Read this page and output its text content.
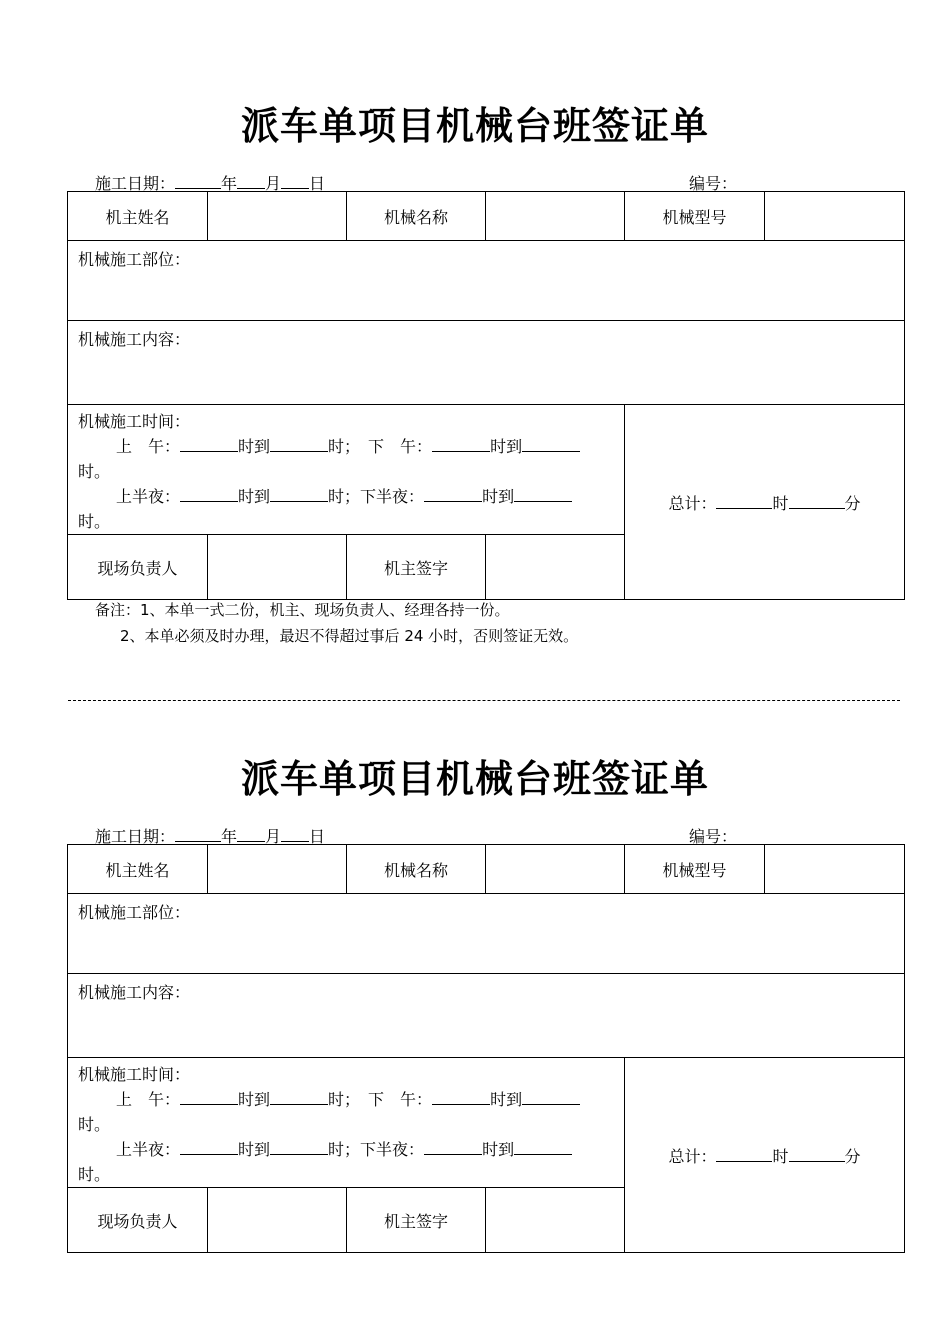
派车单项目机械台班签证单
施工日期：	年 月 日	编号：
机主姓名		机械名称		机械型号	
机械施工部位：					
机械施工内容：					

机械施工时间：
上　午： 时到 时； 下　午： 时到
时。
上半夜： 时到 时；下半夜： 时到
时。				总计： 时 分	
现场负责人		机主签字			
备注：1、本单一式二份，机主、现场负责人、经理各持一份。
2、本单必须及时办理，最迟不得超过事后 24 小时，否则签证无效。
派车单项目机械台班签证单
施工日期：	年 月 日	编号：
机主姓名		机械名称		机械型号	
机械施工部位：					
机械施工内容：					

机械施工时间：
上　午： 时到 时； 下　午： 时到
时。
上半夜： 时到 时；下半夜： 时到
时。				总计： 时 分	
现场负责人		机主签字			
